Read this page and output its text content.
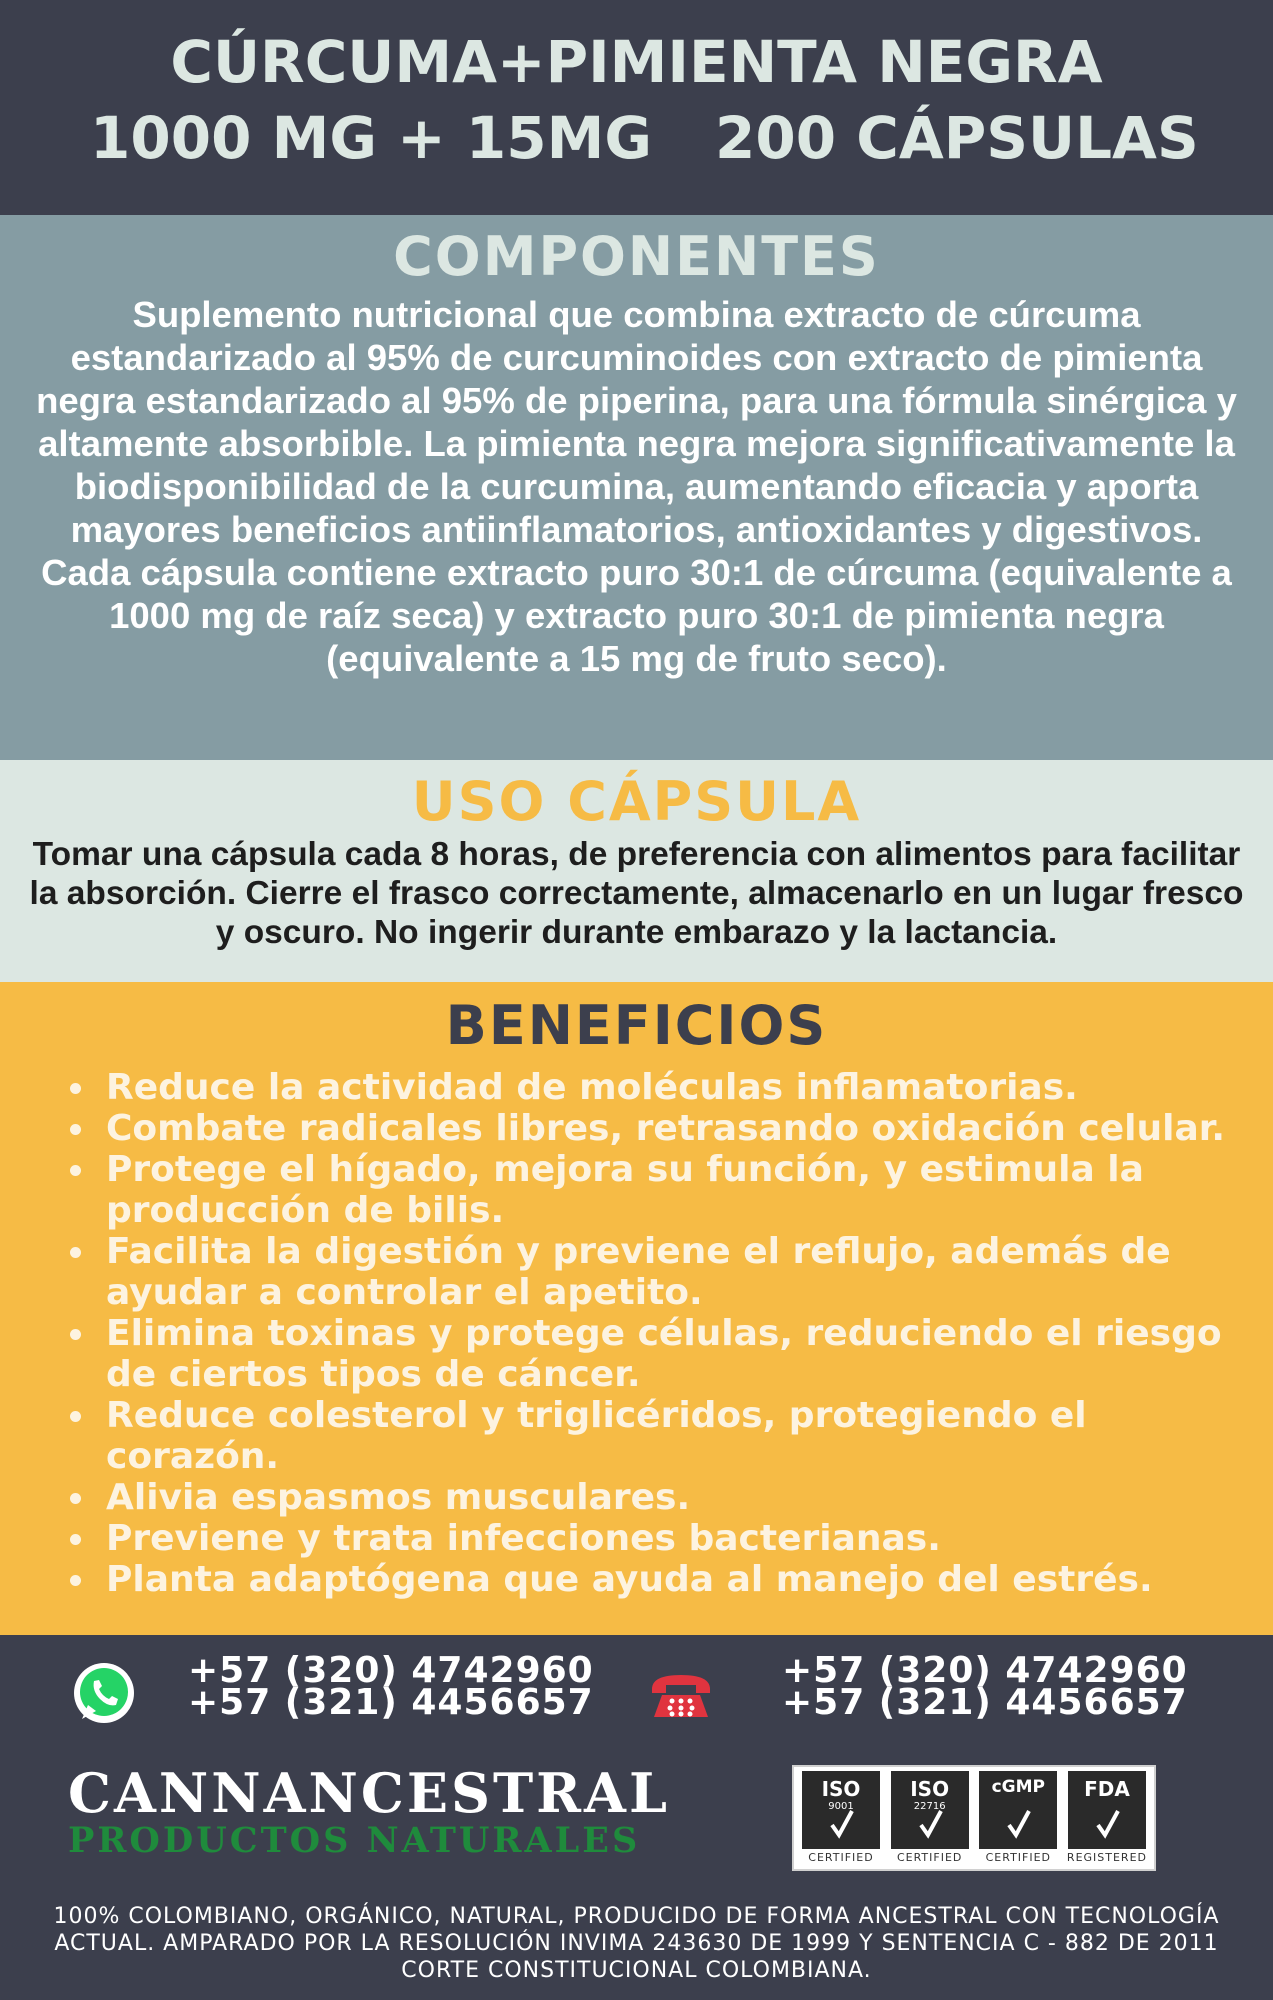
CÚRCUMA+PIMIENTA NEGRA
1000 MG + 15MG 200 CÁPSULAS
COMPONENTES

Suplemento nutricional que combina extracto de cúrcuma estandarizado al 95% de curcuminoides con extracto de pimienta negra estandarizado al 95% de piperina, para una fórmula sinérgica y altamente absorbible. La pimienta negra mejora significativamente la biodisponibilidad de la curcumina, aumentando eficacia y aporta mayores beneficios antiinflamatorios, antioxidantes y digestivos. Cada cápsula contiene extracto puro 30:1 de cúrcuma (equivalente a 1000 mg de raíz seca) y extracto puro 30:1 de pimienta negra (equivalente a 15 mg de fruto seco).

USO CÁPSULA

Tomar una cápsula cada 8 horas, de preferencia con alimentos para facilitar la absorción. Cierre el frasco correctamente, almacenarlo en un lugar fresco y oscuro. No ingerir durante embarazo y la lactancia.

BENEFICIOS
Reduce la actividad de moléculas inflamatorias.
Combate radicales libres, retrasando oxidación celular.
Protege el hígado, mejora su función, y estimula la producción de bilis.
Facilita la digestión y previene el reflujo, además de ayudar a controlar el apetito.
Elimina toxinas y protege células, reduciendo el riesgo de ciertos tipos de cáncer.
Reduce colesterol y triglicéridos, protegiendo el corazón.
Alivia espasmos musculares.
Previene y trata infecciones bacterianas.
Planta adaptógena que ayuda al manejo del estrés.
+57 (320) 4742960
+57 (321) 4456657
+57 (320) 4742960
+57 (321) 4456657
CANNANCESTRAL
PRODUCTOS NATURALES
ISO
9001
CERTIFIED
ISO
22716
CERTIFIED
cGMP
CERTIFIED
FDA
REGISTERED
100% COLOMBIANO, ORGÁNICO, NATURAL, PRODUCIDO DE FORMA ANCESTRAL CON TECNOLOGÍA ACTUAL. AMPARADO POR LA RESOLUCIÓN INVIMA 243630 DE 1999 Y SENTENCIA C - 882 DE 2011 CORTE CONSTITUCIONAL COLOMBIANA.
